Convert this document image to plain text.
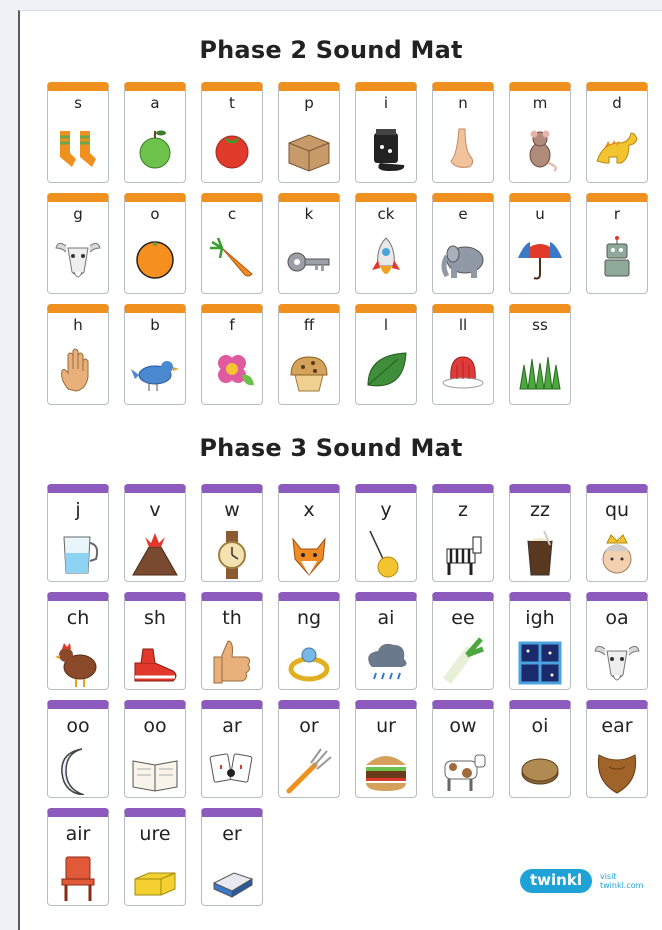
Phase 2 Sound Mat
s	a	t	p	i	n	m	d
g	o	c	k	ck	e	u	r
h	b	f	ff	l	ll	ss
Phase 3 Sound Mat
j	v	w	x	y	z	zz	qu
ch	sh	th	ng	ai	ee	igh	oa
oo	oo	ar	or	ur	ow	oi	ear
air	ure	er
twinkl	visit twinkl.com
